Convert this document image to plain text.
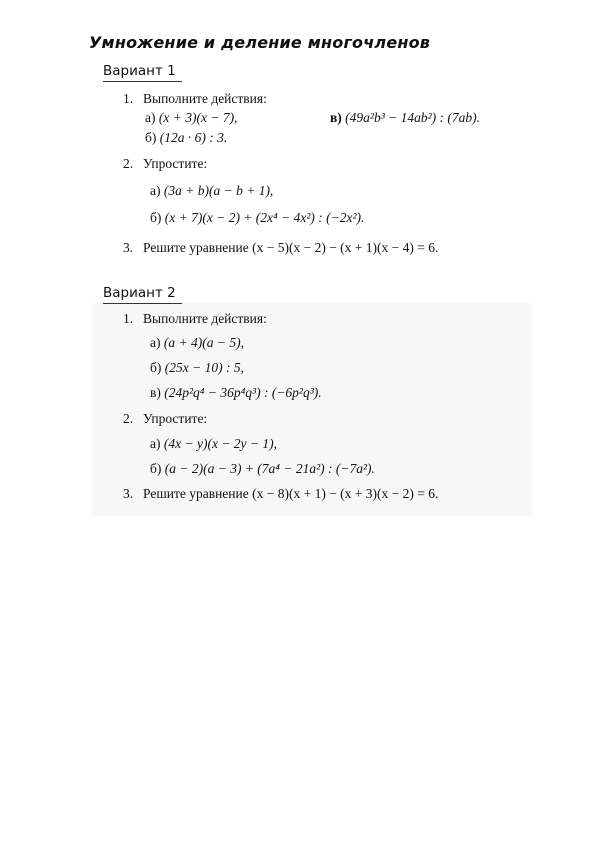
Умножение и деление многочленов
Вариант 1
1. Выполните действия:
а) (x + 3)(x − 7),	в) (49a²b³ − 14ab²) : (7ab).
б) (12a · 6) : 3.
2. Упростите:
а) (3a + b)(a − b + 1),
б) (x + 7)(x − 2) + (2x⁴ − 4x²) : (−2x²).
3. Решите уравнение (x − 5)(x − 2) − (x + 1)(x − 4) = 6.
Вариант 2
1. Выполните действия:
а) (a + 4)(a − 5),
б) (25x − 10) : 5,
в) (24p²q⁴ − 36p⁴q³) : (−6p²q³).
2. Упростите:
а) (4x − y)(x − 2y − 1),
б) (a − 2)(a − 3) + (7a⁴ − 21a²) : (−7a²).
3. Решите уравнение (x − 8)(x + 1) − (x + 3)(x − 2) = 6.
